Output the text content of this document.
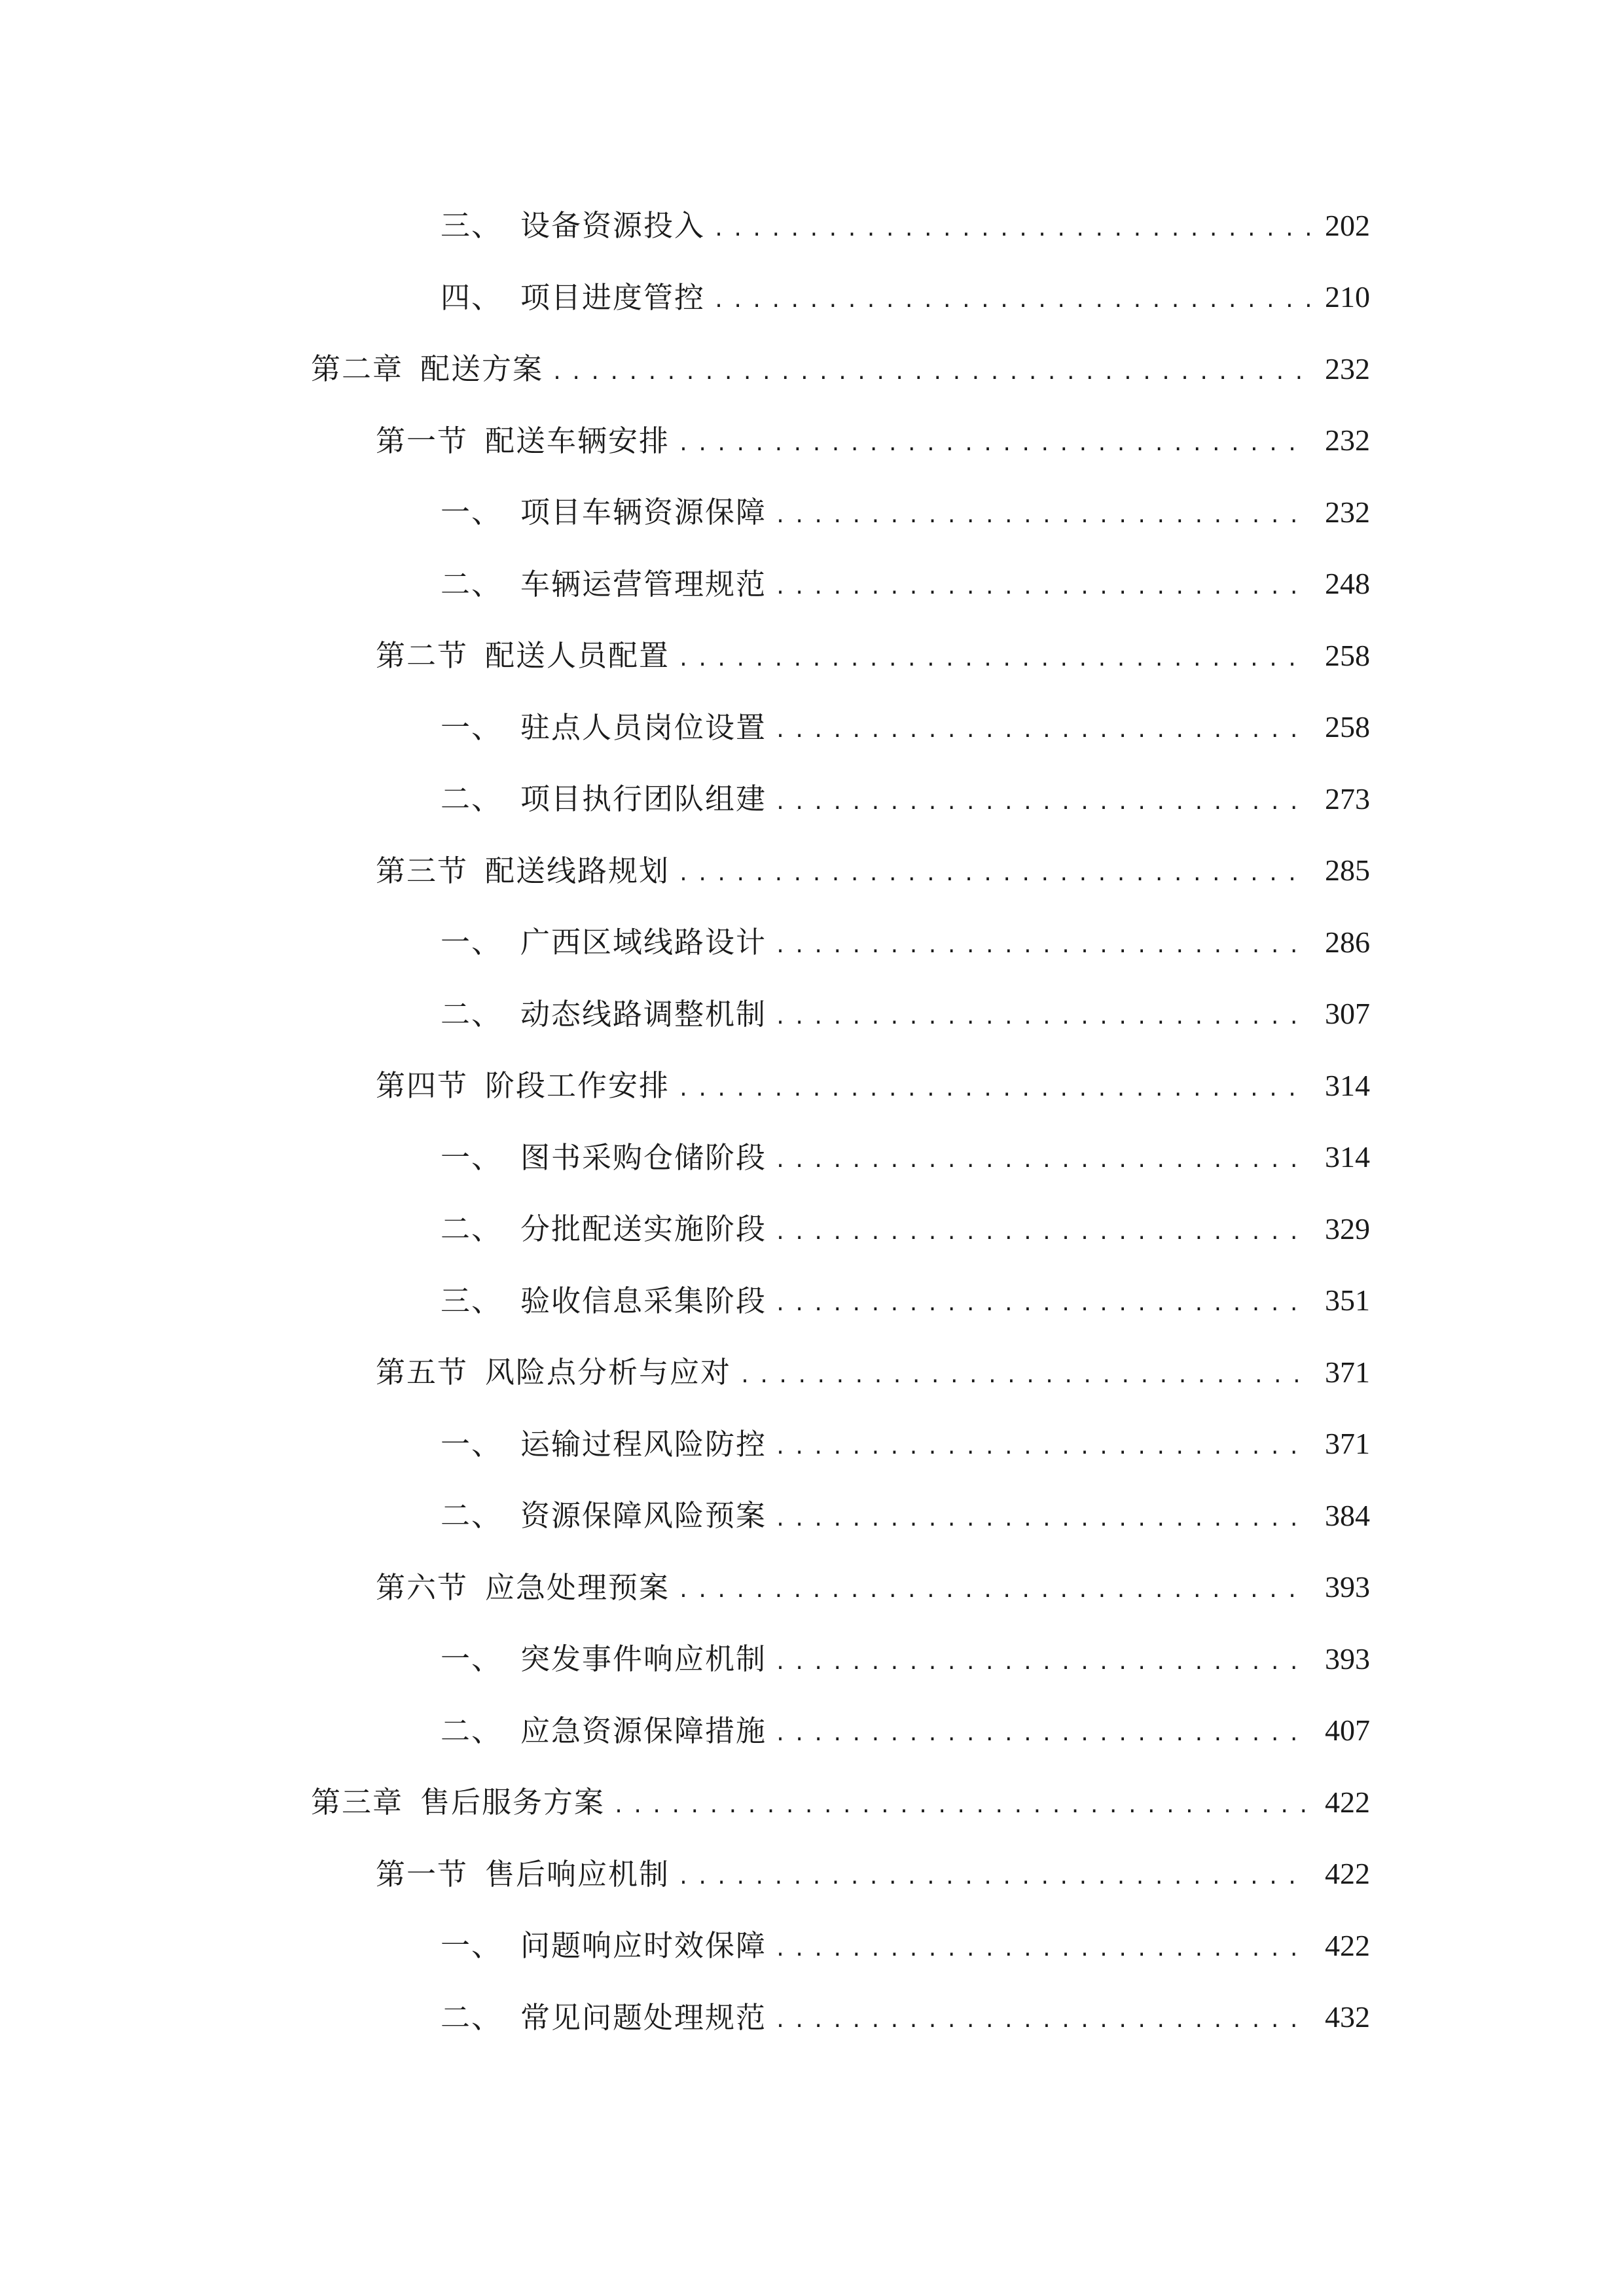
三、 设备资源投入 .....	202
四、 项目进度管控 .....	210
第二章 配送方案 .....	232
第一节 配送车辆安排 .....	232
一、 项目车辆资源保障 .....	232
二、 车辆运营管理规范 .....	248
第二节 配送人员配置 .....	258
一、 驻点人员岗位设置 .....	258
二、 项目执行团队组建 .....	273
第三节 配送线路规划 .....	285
一、 广西区域线路设计 .....	286
二、 动态线路调整机制 .....	307
第四节 阶段工作安排 .....	314
一、 图书采购仓储阶段 .....	314
二、 分批配送实施阶段 .....	329
三、 验收信息采集阶段 .....	351
第五节 风险点分析与应对 .....	371
一、 运输过程风险防控 .....	371
二、 资源保障风险预案 .....	384
第六节 应急处理预案 .....	393
一、 突发事件响应机制 .....	393
二、 应急资源保障措施 .....	407
第三章 售后服务方案 .....	422
第一节 售后响应机制 .....	422
一、 问题响应时效保障 .....	422
二、 常见问题处理规范 .....	432
